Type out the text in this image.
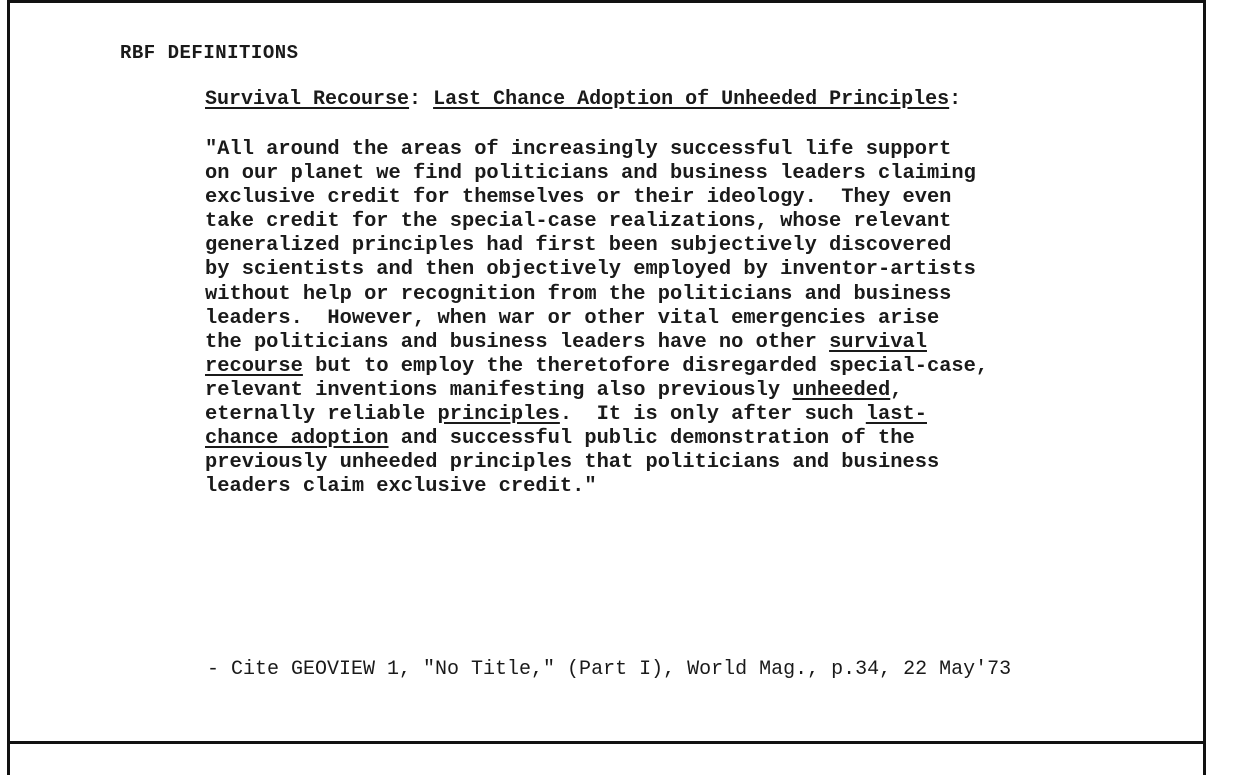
RBF DEFINITIONS

Survival Recourse: Last Chance Adoption of Unheeded Principles:

"All around the areas of increasingly successful life support
on our planet we find politicians and business leaders claiming
exclusive credit for themselves or their ideology.  They even
take credit for the special-case realizations, whose relevant
generalized principles had first been subjectively discovered
by scientists and then objectively employed by inventor-artists
without help or recognition from the politicians and business
leaders.  However, when war or other vital emergencies arise
the politicians and business leaders have no other survival
recourse but to employ the theretofore disregarded special-case,
relevant inventions manifesting also previously unheeded,
eternally reliable principles.  It is only after such last-
chance adoption and successful public demonstration of the
previously unheeded principles that politicians and business
leaders claim exclusive credit."

- Cite GEOVIEW 1, "No Title," (Part I), World Mag., p.34, 22 May'73
